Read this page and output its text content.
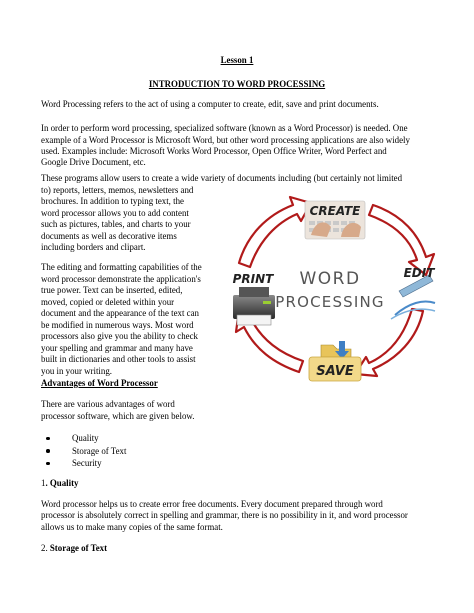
Lesson 1
INTRODUCTION TO WORD PROCESSING
Word Processing refers to the act of using a computer to create, edit, save and print documents.
In order to perform word processing, specialized software (known as a Word Processor) is needed. One
example of a Word Processor is Microsoft Word, but other word processing applications are also widely
used. Examples include: Microsoft Works Word Processor, Open Office Writer, Word Perfect and
Google Drive Document, etc.
These programs allow users to create a wide variety of documents including (but certainly not limited
to) reports, letters, memos, newsletters and
brochures. In addition to typing text, the
word processor allows you to add content
such as pictures, tables, and charts to your
documents as well as decorative items
including borders and clipart.
The editing and formatting capabilities of the
word processor demonstrate the application's
true power. Text can be inserted, edited,
moved, copied or deleted within your
document and the appearance of the text can
be modified in numerous ways. Most word
processors also give you the ability to check
your spelling and grammar and many have
built in dictionaries and other tools to assist
you in your writing.
Advantages of Word Processor
There are various advantages of word
processor software, which are given below.
Quality
Storage of Text
Security
1. Quality
Word processor helps us to create error free documents. Every document prepared through word
processor is absolutely correct in spelling and grammar, there is no possibility in it, and word processor
allows us to make many copies of the same format.
2. Storage of Text
CREATE
WORD
PROCESSING
EDIT
SAVE
PRINT
